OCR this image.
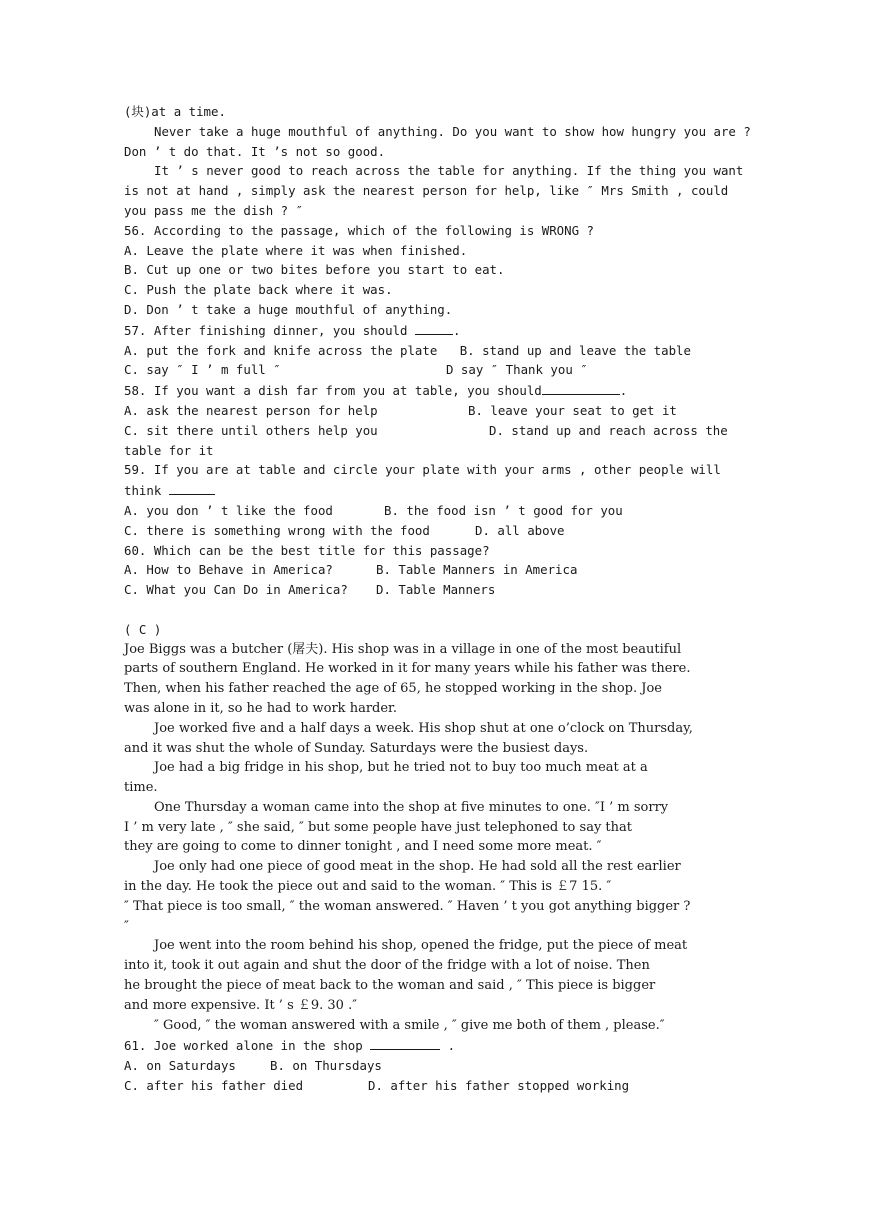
(块)at a time.
Never take a huge mouthful of anything. Do you want to show how hungry you are ?
Don ’ t do that. It ’s not so good.
It ’ s never good to reach across the table for anything. If the thing you want
is not at hand , simply ask the nearest person for help, like ″ Mrs Smith , could
you pass me the dish ? ″
56. According to the passage, which of the following is WRONG ?
A. Leave the plate where it was when finished.
B. Cut up one or two bites before you start to eat.
C. Push the plate back where it was.
D. Don ’ t take a huge mouthful of anything.
57. After finishing dinner, you should	.
A. put the fork and knife across the plate B. stand up and leave the table
C. say ″ I ’ m full ″	D say ″ Thank you ″
58. If you want a dish far from you at table, you should	.
A. ask the nearest person for help	B. leave your seat to get it
C. sit there until others help you	D. stand up and reach across the
table for it
59. If you are at table and circle your plate with your arms , other people will
think
A. you don ’ t like the food	B. the food isn ’ t good for you
C. there is something wrong with the food	D. all above
60. Which can be the best title for this passage?
A. How to Behave in America?	B. Table Manners in America
C. What you Can Do in America? D. Table Manners
( C )
Joe Biggs was a butcher (屠夫). His shop was in a village in one of the most beautiful
parts of southern England. He worked in it for many years while his father was there.
Then, when his father reached the age of 65, he stopped working in the shop. Joe
was alone in it, so he had to work harder.
Joe worked five and a half days a week. His shop shut at one o’clock on Thursday,
and it was shut the whole of Sunday. Saturdays were the busiest days.
Joe had a big fridge in his shop, but he tried not to buy too much meat at a
time.
One Thursday a woman came into the shop at five minutes to one. ″I ’ m sorry
I ’ m very late , ″ she said, ″ but some people have just telephoned to say that
they are going to come to dinner tonight , and I need some more meat. ″
Joe only had one piece of good meat in the shop. He had sold all the rest earlier
in the day. He took the piece out and said to the woman. ″ This is ￡7 15. ″
″ That piece is too small, ″ the woman answered. ″ Haven ’ t you got anything bigger ?
″
Joe went into the room behind his shop, opened the fridge, put the piece of meat
into it, took it out again and shut the door of the fridge with a lot of noise. Then
he brought the piece of meat back to the woman and said , ″ This piece is bigger
and more expensive. It ’ s ￡9. 30 .″
″ Good, ″ the woman answered with a smile , ″ give me both of them , please.″
61. Joe worked alone in the shop	.
A. on Saturdays	B. on Thursdays
C. after his father died	D. after his father stopped working
